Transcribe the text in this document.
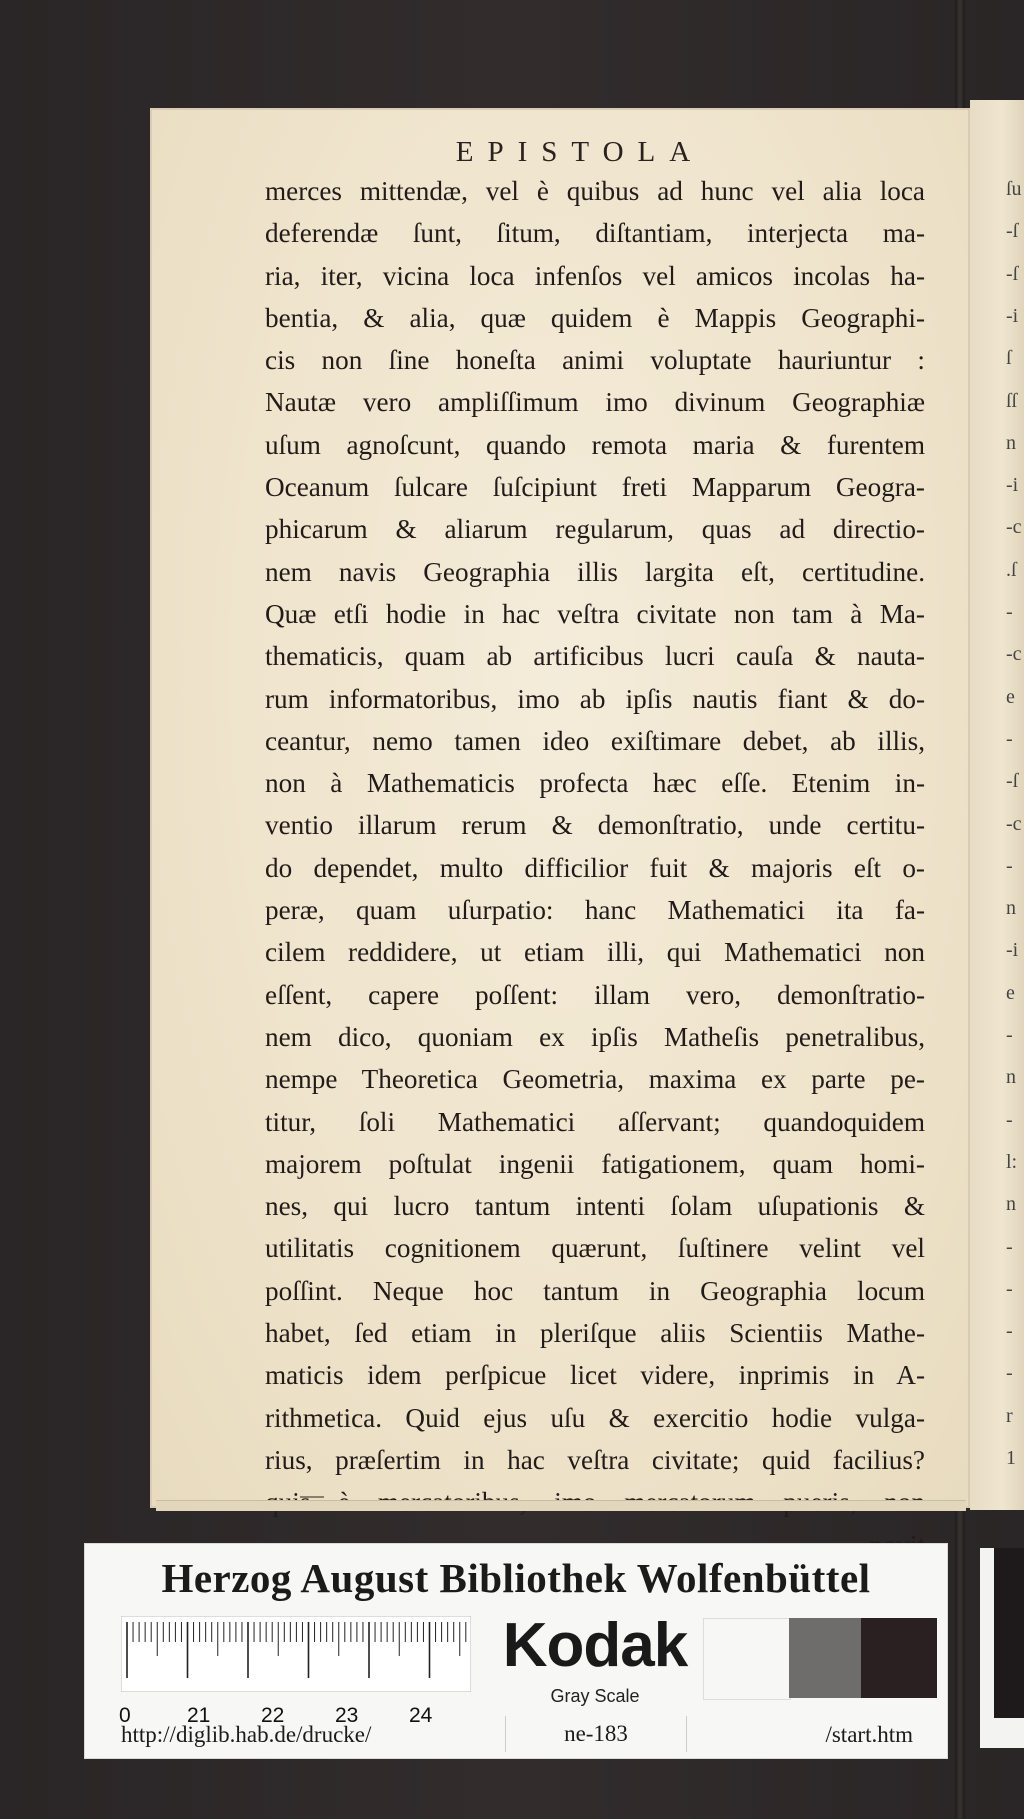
ſu
-ſ
-ſ
-i
ſ
ſſ
n
-i
-c
.ſ
-
-c
e
-
-ſ
-c
-
n
-i
e
-
n
-
l:
n
-
-
-
-
r
1
EPISTOLA
merces mittendæ, vel è quibus ad hunc vel alia loca
deferendæ ſunt, ſitum, diſtantiam, interjecta ma-
ria, iter, vicina loca infenſos vel amicos incolas ha-
bentia, & alia, quæ quidem è Mappis Geographi-
cis non ſine honeſta animi voluptate hauriuntur :
Nautæ vero ampliſſimum imo divinum Geographiæ
uſum agnoſcunt, quando remota maria & furentem
Oceanum ſulcare ſuſcipiunt freti Mapparum Geogra-
phicarum & aliarum regularum, quas ad directio-
nem navis Geographia illis largita eſt, certitudine.
Quæ etſi hodie in hac veſtra civitate non tam à Ma-
thematicis, quam ab artificibus lucri cauſa & nauta-
rum informatoribus, imo ab ipſis nautis fiant & do-
ceantur, nemo tamen ideo exiſtimare debet, ab illis,
non à Mathematicis profecta hæc eſſe. Etenim in-
ventio illarum rerum & demonſtratio, unde certitu-
do dependet, multo difficilior fuit & majoris eſt o-
peræ, quam uſurpatio: hanc Mathematici ita fa-
cilem reddidere, ut etiam illi, qui Mathematici non
eſſent, capere poſſent: illam vero, demonſtratio-
nem dico, quoniam ex ipſis Matheſis penetralibus,
nempe Theoretica Geometria, maxima ex parte pe-
titur, ſoli Mathematici aſſervant; quandoquidem
majorem poſtulat ingenii fatigationem, quam homi-
nes, qui lucro tantum intenti ſolam uſupationis &
utilitatis cognitionem quærunt, ſuſtinere velint vel
poſſint. Neque hoc tantum in Geographia locum
habet, ſed etiam in pleriſque aliis Scientiis Mathe-
maticis idem perſpicue licet videre, inprimis in A-
rithmetica. Quid ejus uſu & exercitio hodie vulga-
rius, præſertim in hac veſtra civitate; quid facilius?
Herzog August Bibliothek Wolfenbüttel
0	21 22 23 24
Kodak
Gray Scale
http://diglib.hab.de/drucke/	ne-183	/start.htm
